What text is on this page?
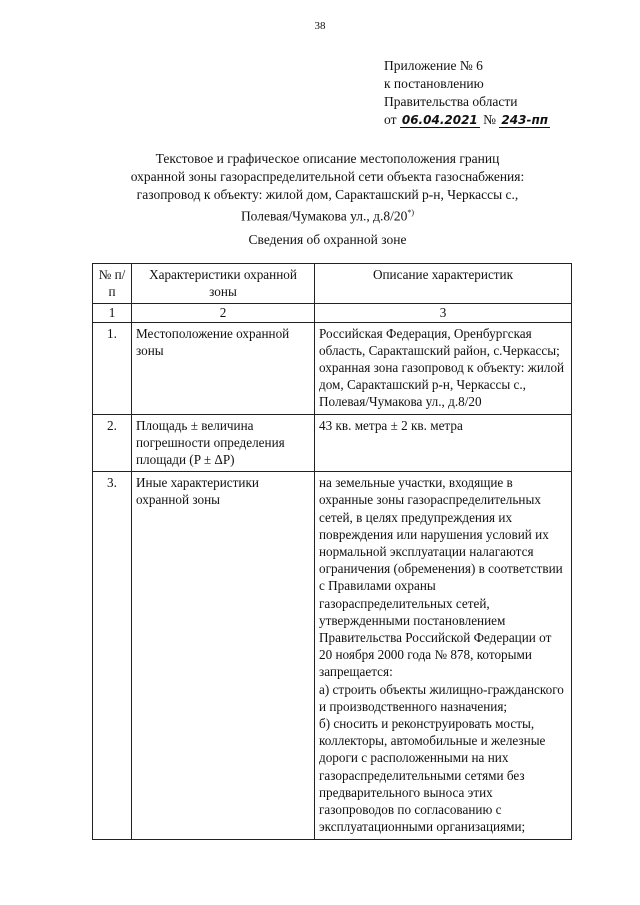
38
Приложение № 6
к постановлению
Правительства области
от 06.04.2021 № 243-пп
Текстовое и графическое описание местоположения границ
охранной зоны газораспределительной сети объекта газоснабжения:
газопровод к объекту: жилой дом, Саракташский р-н, Черкассы с.,
Полевая/Чумакова ул., д.8/20*)
Сведения об охранной зоне
№ п/п	Характеристики охранной зоны	Описание характеристик
1	2	3
1.	Местоположение охранной зоны	Российская Федерация, Оренбургская область, Саракташский район, с.Черкассы; охранная зона газопровод к объекту: жилой дом, Саракташский р-н, Черкассы с., Полевая/Чумакова ул., д.8/20
2.	Площадь ± величина погрешности определения площади (P ± ΔP)	43 кв. метра ± 2 кв. метра
3.	Иные характеристики охранной зоны	на земельные участки, входящие в охранные зоны газораспределительных сетей, в целях предупреждения их повреждения или нарушения условий их нормальной эксплуатации налагаются ограничения (обременения) в соответствии с Правилами охраны газораспределительных сетей, утвержденными постановлением Правительства Российской Федерации от 20 ноября 2000 года № 878, которыми запрещается:
а) строить объекты жилищно-гражданского и производственного назначения;
б) сносить и реконструировать мосты, коллекторы, автомобильные и железные дороги с расположенными на них газораспределительными сетями без предварительного выноса этих газопроводов по согласованию с эксплуатационными организациями;
